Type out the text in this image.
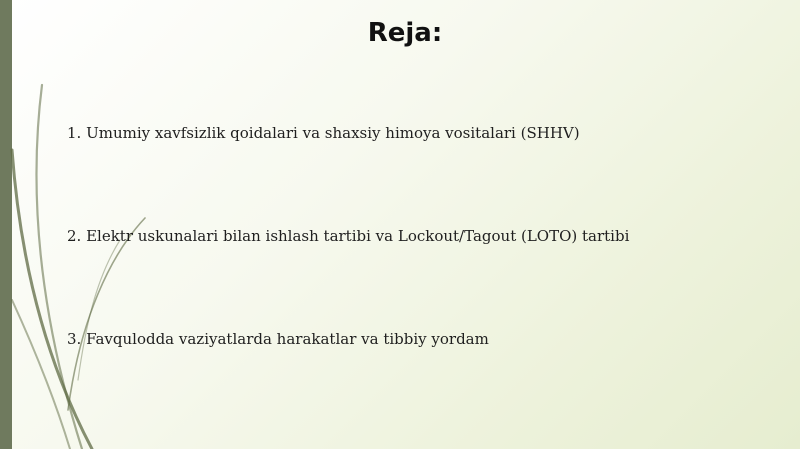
Reja:
1. Umumiy xavfsizlik qoidalari va shaxsiy himoya vositalari (SHHV)
2. Elektr uskunalari bilan ishlash tartibi va Lockout/Tagout (LOTO) tartibi
3. Favqulodda vaziyatlarda harakatlar va tibbiy yordam
